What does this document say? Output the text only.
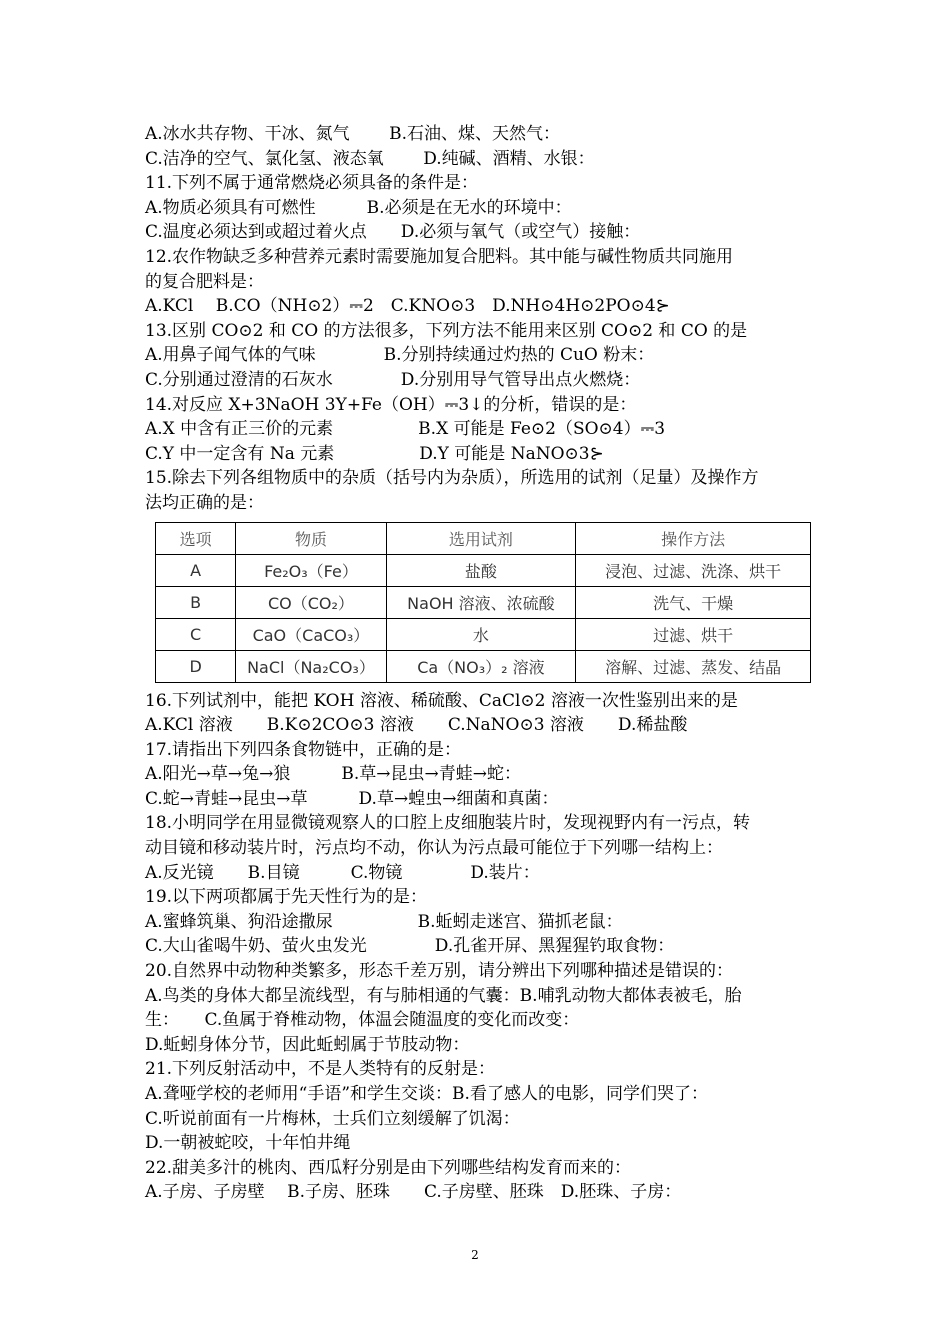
A.冰水共存物、干冰、氮气　　 B.石油、煤、天然气：
C.洁净的空气、氯化氢、液态氧　　 D.纯碱、酒精、水银：
11.下列不属于通常燃烧必须具备的条件是：
A.物质必须具有可燃性　　　B.必须是在无水的环境中：
C.温度必须达到或超过着火点　　D.必须与氧气（或空气）接触：
12.农作物缺乏多种营养元素时需要施加复合肥料。其中能与碱性物质共同施用
的复合肥料是：
A.KCl　 B.CO（NH⊙2）⎓2　C.KNO⊙3　D.NH⊙4H⊙2PO⊙4⊱
13.区别 CO⊙2 和 CO 的方法很多，下列方法不能用来区别 CO⊙2 和 CO 的是
A.用鼻子闻气体的气味　　　　B.分别持续通过灼热的 CuO 粉末：
C.分别通过澄清的石灰水　　　　D.分别用导气管导出点火燃烧：
14.对反应 X+3NaOH 3Y+Fe（OH）⎓3↓的分析，错误的是：
A.X 中含有正三价的元素　　　　　B.X 可能是 Fe⊙2（SO⊙4）⎓3
C.Y 中一定含有 Na 元素　　　　　D.Y 可能是 NaNO⊙3⊱
15.除去下列各组物质中的杂质（括号内为杂质），所选用的试剂（足量）及操作方
法均正确的是：
选项	物质	选用试剂	操作方法
A	Fe₂O₃（Fe）	盐酸	浸泡、过滤、洗涤、烘干
B	CO（CO₂）	NaOH 溶液、浓硫酸	洗气、干燥
C	CaO（CaCO₃）	水	过滤、烘干
D	NaCl（Na₂CO₃）	Ca（NO₃）₂ 溶液	溶解、过滤、蒸发、结晶
16.下列试剂中，能把 KOH 溶液、稀硫酸、CaCl⊙2 溶液一次性鉴别出来的是
A.KCl 溶液　　B.K⊙2CO⊙3 溶液　　C.NaNO⊙3 溶液　　D.稀盐酸
17.请指出下列四条食物链中，正确的是：
A.阳光→草→兔→狼　　　B.草→昆虫→青蛙→蛇：
C.蛇→青蛙→昆虫→草　　　D.草→蝗虫→细菌和真菌：
18.小明同学在用显微镜观察人的口腔上皮细胞装片时，发现视野内有一污点，转
动目镜和移动装片时，污点均不动，你认为污点最可能位于下列哪一结构上：
A.反光镜　　B.目镜　　　C.物镜　　　　D.装片：
19.以下两项都属于先天性行为的是：
A.蜜蜂筑巢、狗沿途撒尿　　　　　B.蚯蚓走迷宫、猫抓老鼠：
C.大山雀喝牛奶、萤火虫发光　　　　D.孔雀开屏、黑猩猩钓取食物：
20.自然界中动物种类繁多，形态千差万别，请分辨出下列哪种描述是错误的：
A.鸟类的身体大都呈流线型，有与肺相通的气囊：B.哺乳动物大都体表被毛，胎
生：　　C.鱼属于脊椎动物，体温会随温度的变化而改变：
D.蚯蚓身体分节，因此蚯蚓属于节肢动物：
21.下列反射活动中，不是人类特有的反射是：
A.聋哑学校的老师用“手语”和学生交谈：B.看了感人的电影，同学们哭了：
C.听说前面有一片梅林，士兵们立刻缓解了饥渴：
D.一朝被蛇咬，十年怕井绳
22.甜美多汁的桃肉、西瓜籽分别是由下列哪些结构发育而来的：
A.子房、子房壁　 B.子房、胚珠　　C.子房壁、胚珠　D.胚珠、子房：
2
